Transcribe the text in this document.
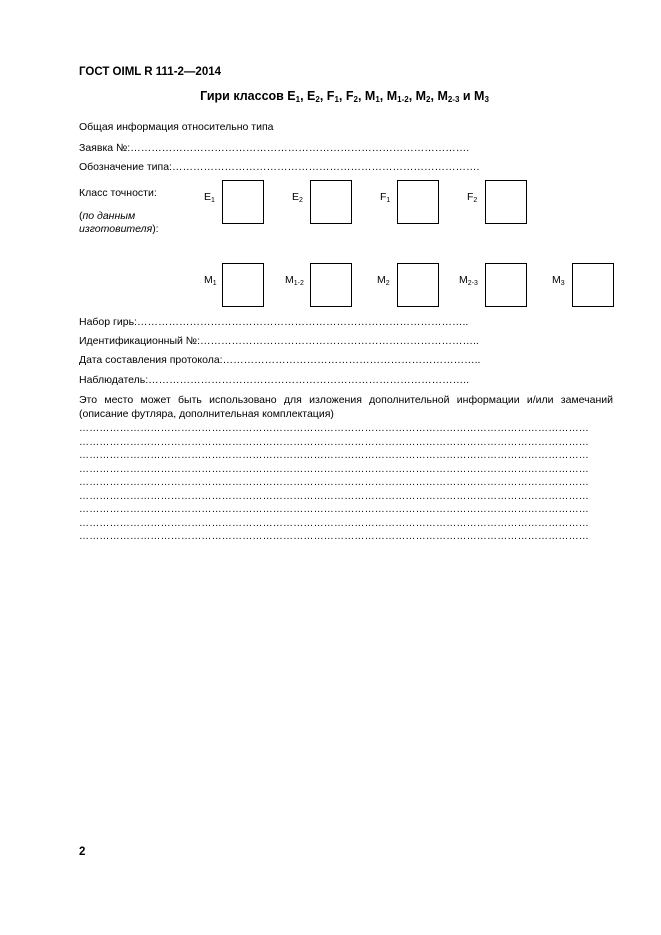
ГОСТ OIML R 111-2—2014
Гири классов $E_1$, $E_2$, $F_1$, $F_2$, $M_1$, $M_{1-2}$, $M_2$, $M_{2-3}$ и $M_3$
Общая информация относительно типа
Заявка №:…………………………………………………………………………………….
Обозначение типа:…………………………………………………………………………….
Класс точности:
(по данным изготовителя):
$E_1$	$E_2$	$F_1$	$F_2$
$M_1$	$M_{1-2}$	$M_2$	$M_{2-3}$	$M_3$
Набор гирь:…………………………………………………………………………………..
Идентификационный №:……………………………………………………………………..
Дата составления протокола:………………………………………………………………..
Наблюдатель:………………………………………………………………………………..
Это место может быть использовано для изложения дополнительной информации и/или замечаний (описание футляра, дополнительная комплектация)
……………………………………………………………………………………………………………………………………
……………………………………………………………………………………………………………………………………
……………………………………………………………………………………………………………………………………
……………………………………………………………………………………………………………………………………
……………………………………………………………………………………………………………………………………
……………………………………………………………………………………………………………………………………
……………………………………………………………………………………………………………………………………
……………………………………………………………………………………………………………………………………
……………………………………………………………………………………………………………………………………
2
